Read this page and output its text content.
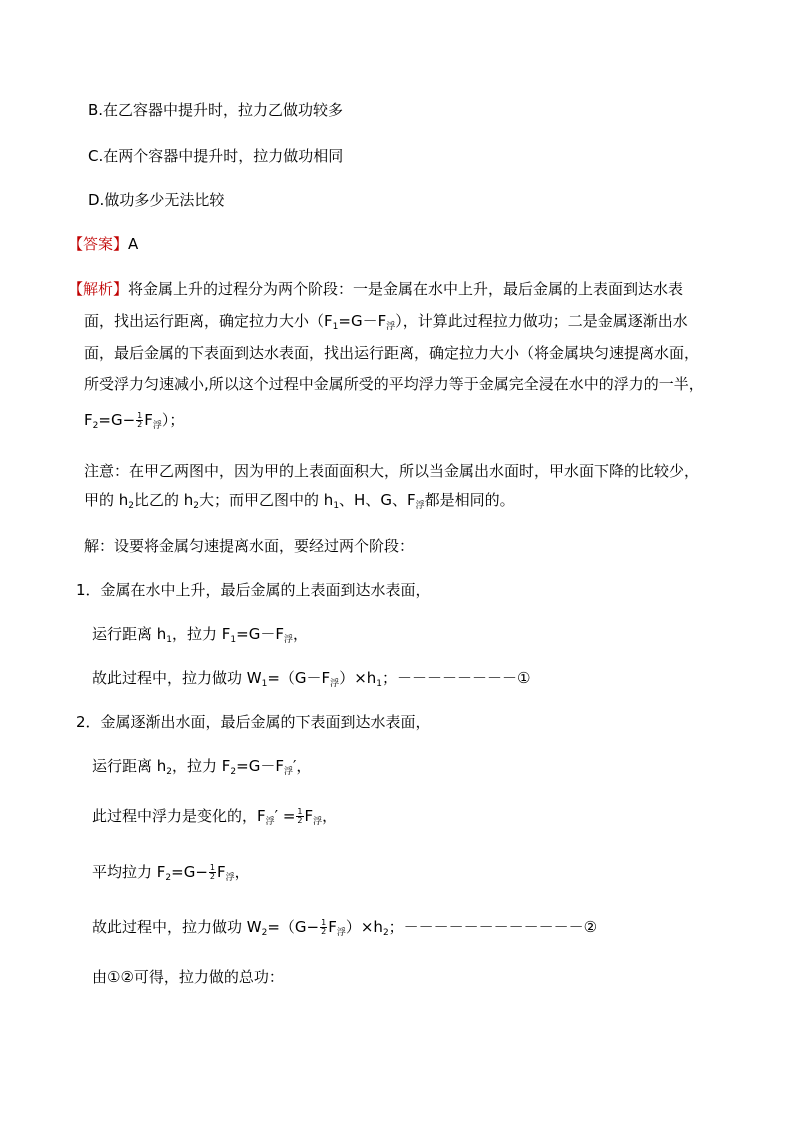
B.在乙容器中提升时，拉力乙做功较多
C.在两个容器中提升时，拉力做功相同
D.做功多少无法比较
【答案】A
【解析】将金属上升的过程分为两个阶段：一是金属在水中上升，最后金属的上表面到达水表
面，找出运行距离，确定拉力大小$(F_1=G-F_浮)$，计算此过程拉力做功；二是金属逐渐出水
面，最后金属的下表面到达水表面，找出运行距离，确定拉力大小（将金属块匀速提离水面，
所受浮力匀速减小,所以这个过程中金属所受的平均浮力等于金属完全浸在水中的浮力的一半，
$F_2=G- \frac{1}{2} F_浮$）；
注意：在甲乙两图中，因为甲的上表面面积大，所以当金属出水面时，甲水面下降的比较少，
甲的 $h_2$比乙的 $h_2$大；而甲乙图中的 $h_1$、H、G、$F_浮$都是相同的。
解：设要将金属匀速提离水面，要经过两个阶段：
1．金属在水中上升，最后金属的上表面到达水表面，
运行距离 $h_1$，拉力 $F_1=G-F_浮$，
故此过程中，拉力做功 $W_1=(G-F_浮)\times h_1$；－－－－－－－－①
2．金属逐渐出水面，最后金属的下表面到达水表面，
运行距离 $h_2$，拉力 $F_2=G-F_浮'$，
此过程中浮力是变化的，$F_浮' = \frac{1}{2} F_浮$，
平均拉力 $F_2=G- \frac{1}{2} F_浮$，
故此过程中，拉力做功 $W_2=(G- \frac{1}{2} F_浮)\times h_2$；－－－－－－－－－－－－②
由①②可得，拉力做的总功：
